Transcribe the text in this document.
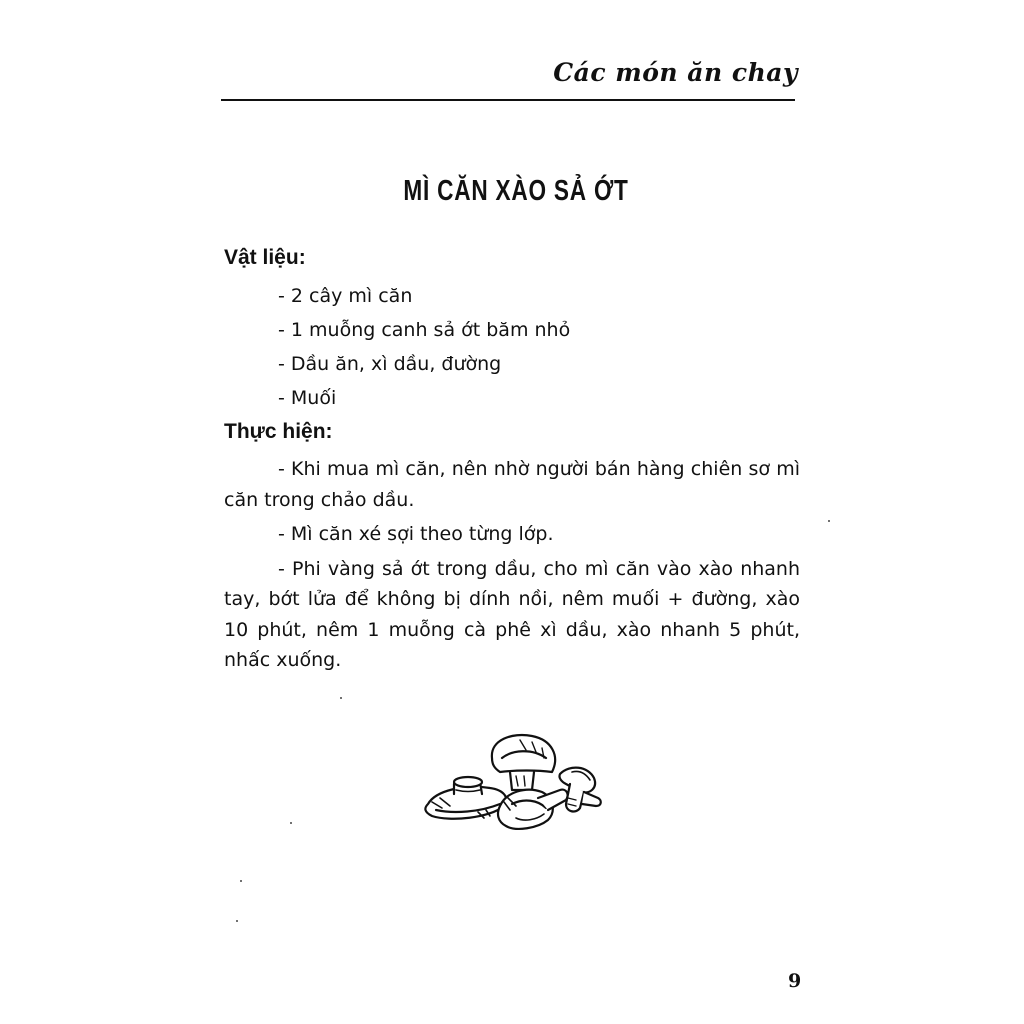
Các món ăn chay
MÌ CĂN XÀO SẢ ỚT
Vật liệu:
- 2 cây mì căn
- 1 muỗng canh sả ớt băm nhỏ
- Dầu ăn, xì dầu, đường
- Muối
Thực hiện:

- Khi mua mì căn, nên nhờ người bán hàng chiên sơ mì căn trong chảo dầu.

- Mì căn xé sợi theo từng lớp.

- Phi vàng sả ớt trong dầu, cho mì căn vào xào nhanh tay, bớt lửa để không bị dính nồi, nêm muối + đường, xào 10 phút, nêm 1 muỗng cà phê xì dầu, xào nhanh 5 phút, nhấc xuống.

9
